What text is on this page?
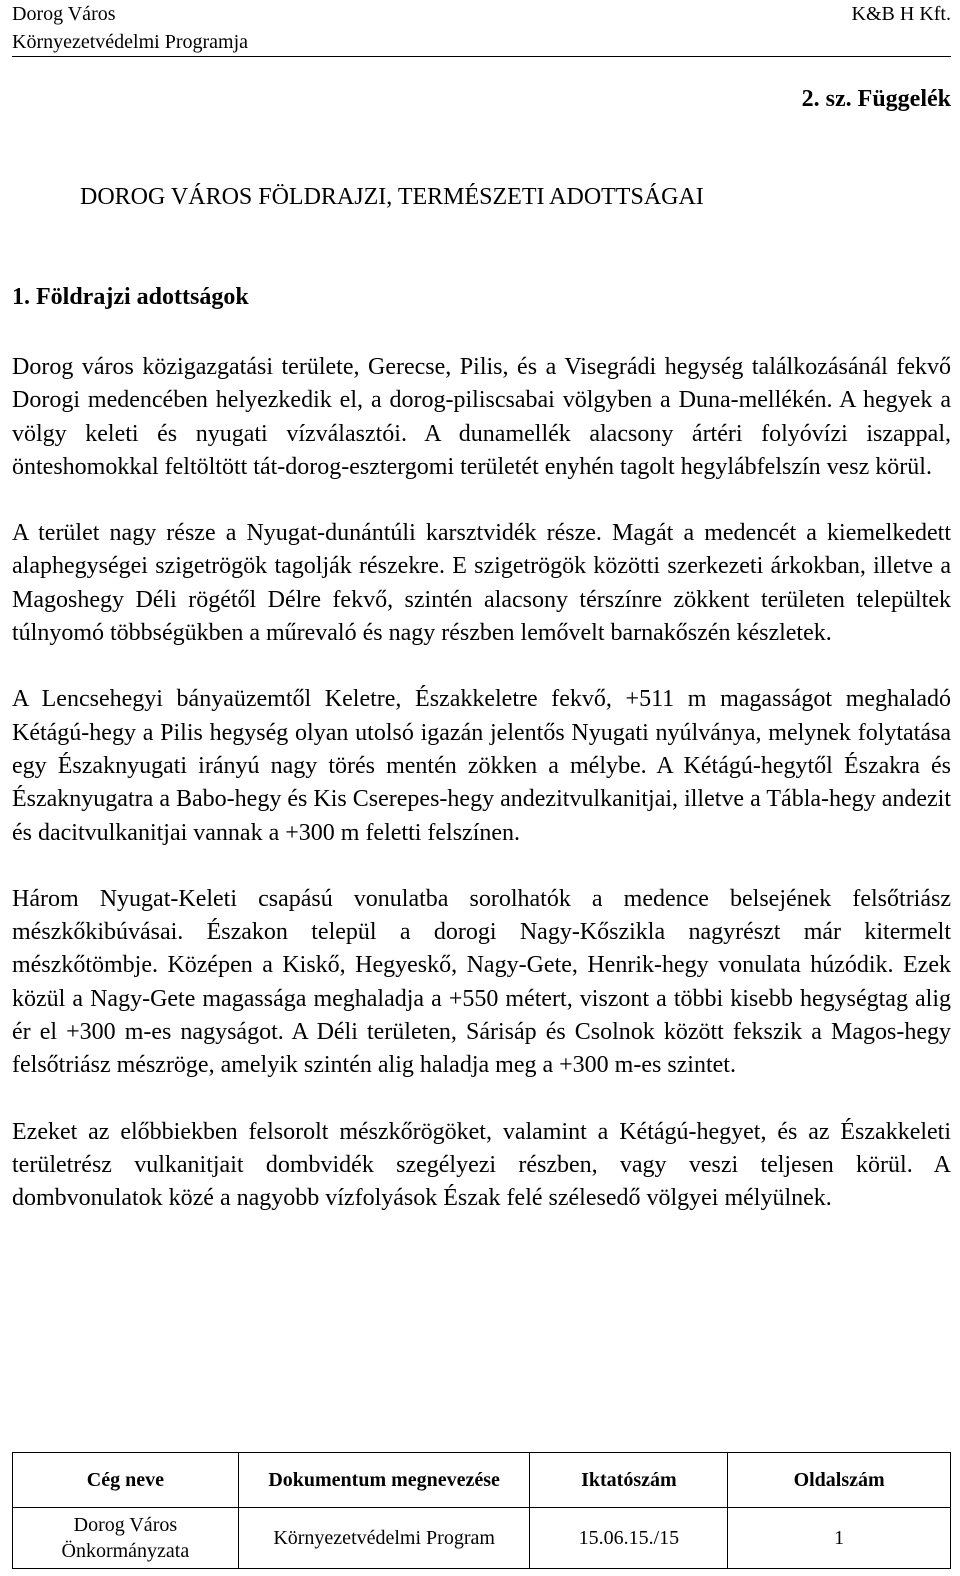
Dorog Város
Környezetvédelmi Programja
K&B H Kft.
2. sz. Függelék
DOROG VÁROS FÖLDRAJZI, TERMÉSZETI ADOTTSÁGAI
1. Földrajzi adottságok

Dorog város közigazgatási területe, Gerecse, Pilis, és a Visegrádi hegység találkozásánál fekvő Dorogi medencében helyezkedik el, a dorog-piliscsabai völgyben a Duna-mellékén. A hegyek a völgy keleti és nyugati vízválasztói. A dunamellék alacsony ártéri folyóvízi iszappal, önteshomokkal feltöltött tát-dorog-esztergomi területét enyhén tagolt hegylábfelszín vesz körül.

A terület nagy része a Nyugat-dunántúli karsztvidék része. Magát a medencét a kiemelkedett alaphegységei szigetrögök tagolják részekre. E szigetrögök közötti szerkezeti árkokban, illetve a Magoshegy Déli rögétől Délre fekvő, szintén alacsony térszínre zökkent területen települtek túlnyomó többségükben a műrevaló és nagy részben lemővelt barnakőszén készletek.

A Lencsehegyi bányaüzemtől Keletre, Északkeletre fekvő, +511 m magasságot meghaladó Kétágú-hegy a Pilis hegység olyan utolsó igazán jelentős Nyugati nyúlványa, melynek folytatása egy Északnyugati irányú nagy törés mentén zökken a mélybe. A Kétágú-hegytől Északra és Északnyugatra a Babo-hegy és Kis Cserepes-hegy andezitvulkanitjai, illetve a Tábla-hegy andezit és dacitvulkanitjai vannak a +300 m feletti felszínen.

Három Nyugat-Keleti csapású vonulatba sorolhatók a medence belsejének felsőtriász mészkőkibúvásai. Északon települ a dorogi Nagy-Kőszikla nagyrészt már kitermelt mészkőtömbje. Középen a Kiskő, Hegyeskő, Nagy-Gete, Henrik-hegy vonulata húzódik. Ezek közül a Nagy-Gete magassága meghaladja a +550 métert, viszont a többi kisebb hegységtag alig ér el +300 m-es nagyságot. A Déli területen, Sárisáp és Csolnok között fekszik a Magos-hegy felsőtriász mészröge, amelyik szintén alig haladja meg a +300 m-es szintet.

Ezeket az előbbiekben felsorolt mészkőrögöket, valamint a Kétágú-hegyet, és az Északkeleti területrész vulkanitjait dombvidék szegélyezi részben, vagy veszi teljesen körül. A dombvonulatok közé a nagyobb vízfolyások Észak felé szélesedő völgyei mélyülnek.

Cég neve	Dokumentum megnevezése	Iktatószám	Oldalszám

Dorog Város
Önkormányzata	Környezetvédelmi Program	15.06.15./15	1
